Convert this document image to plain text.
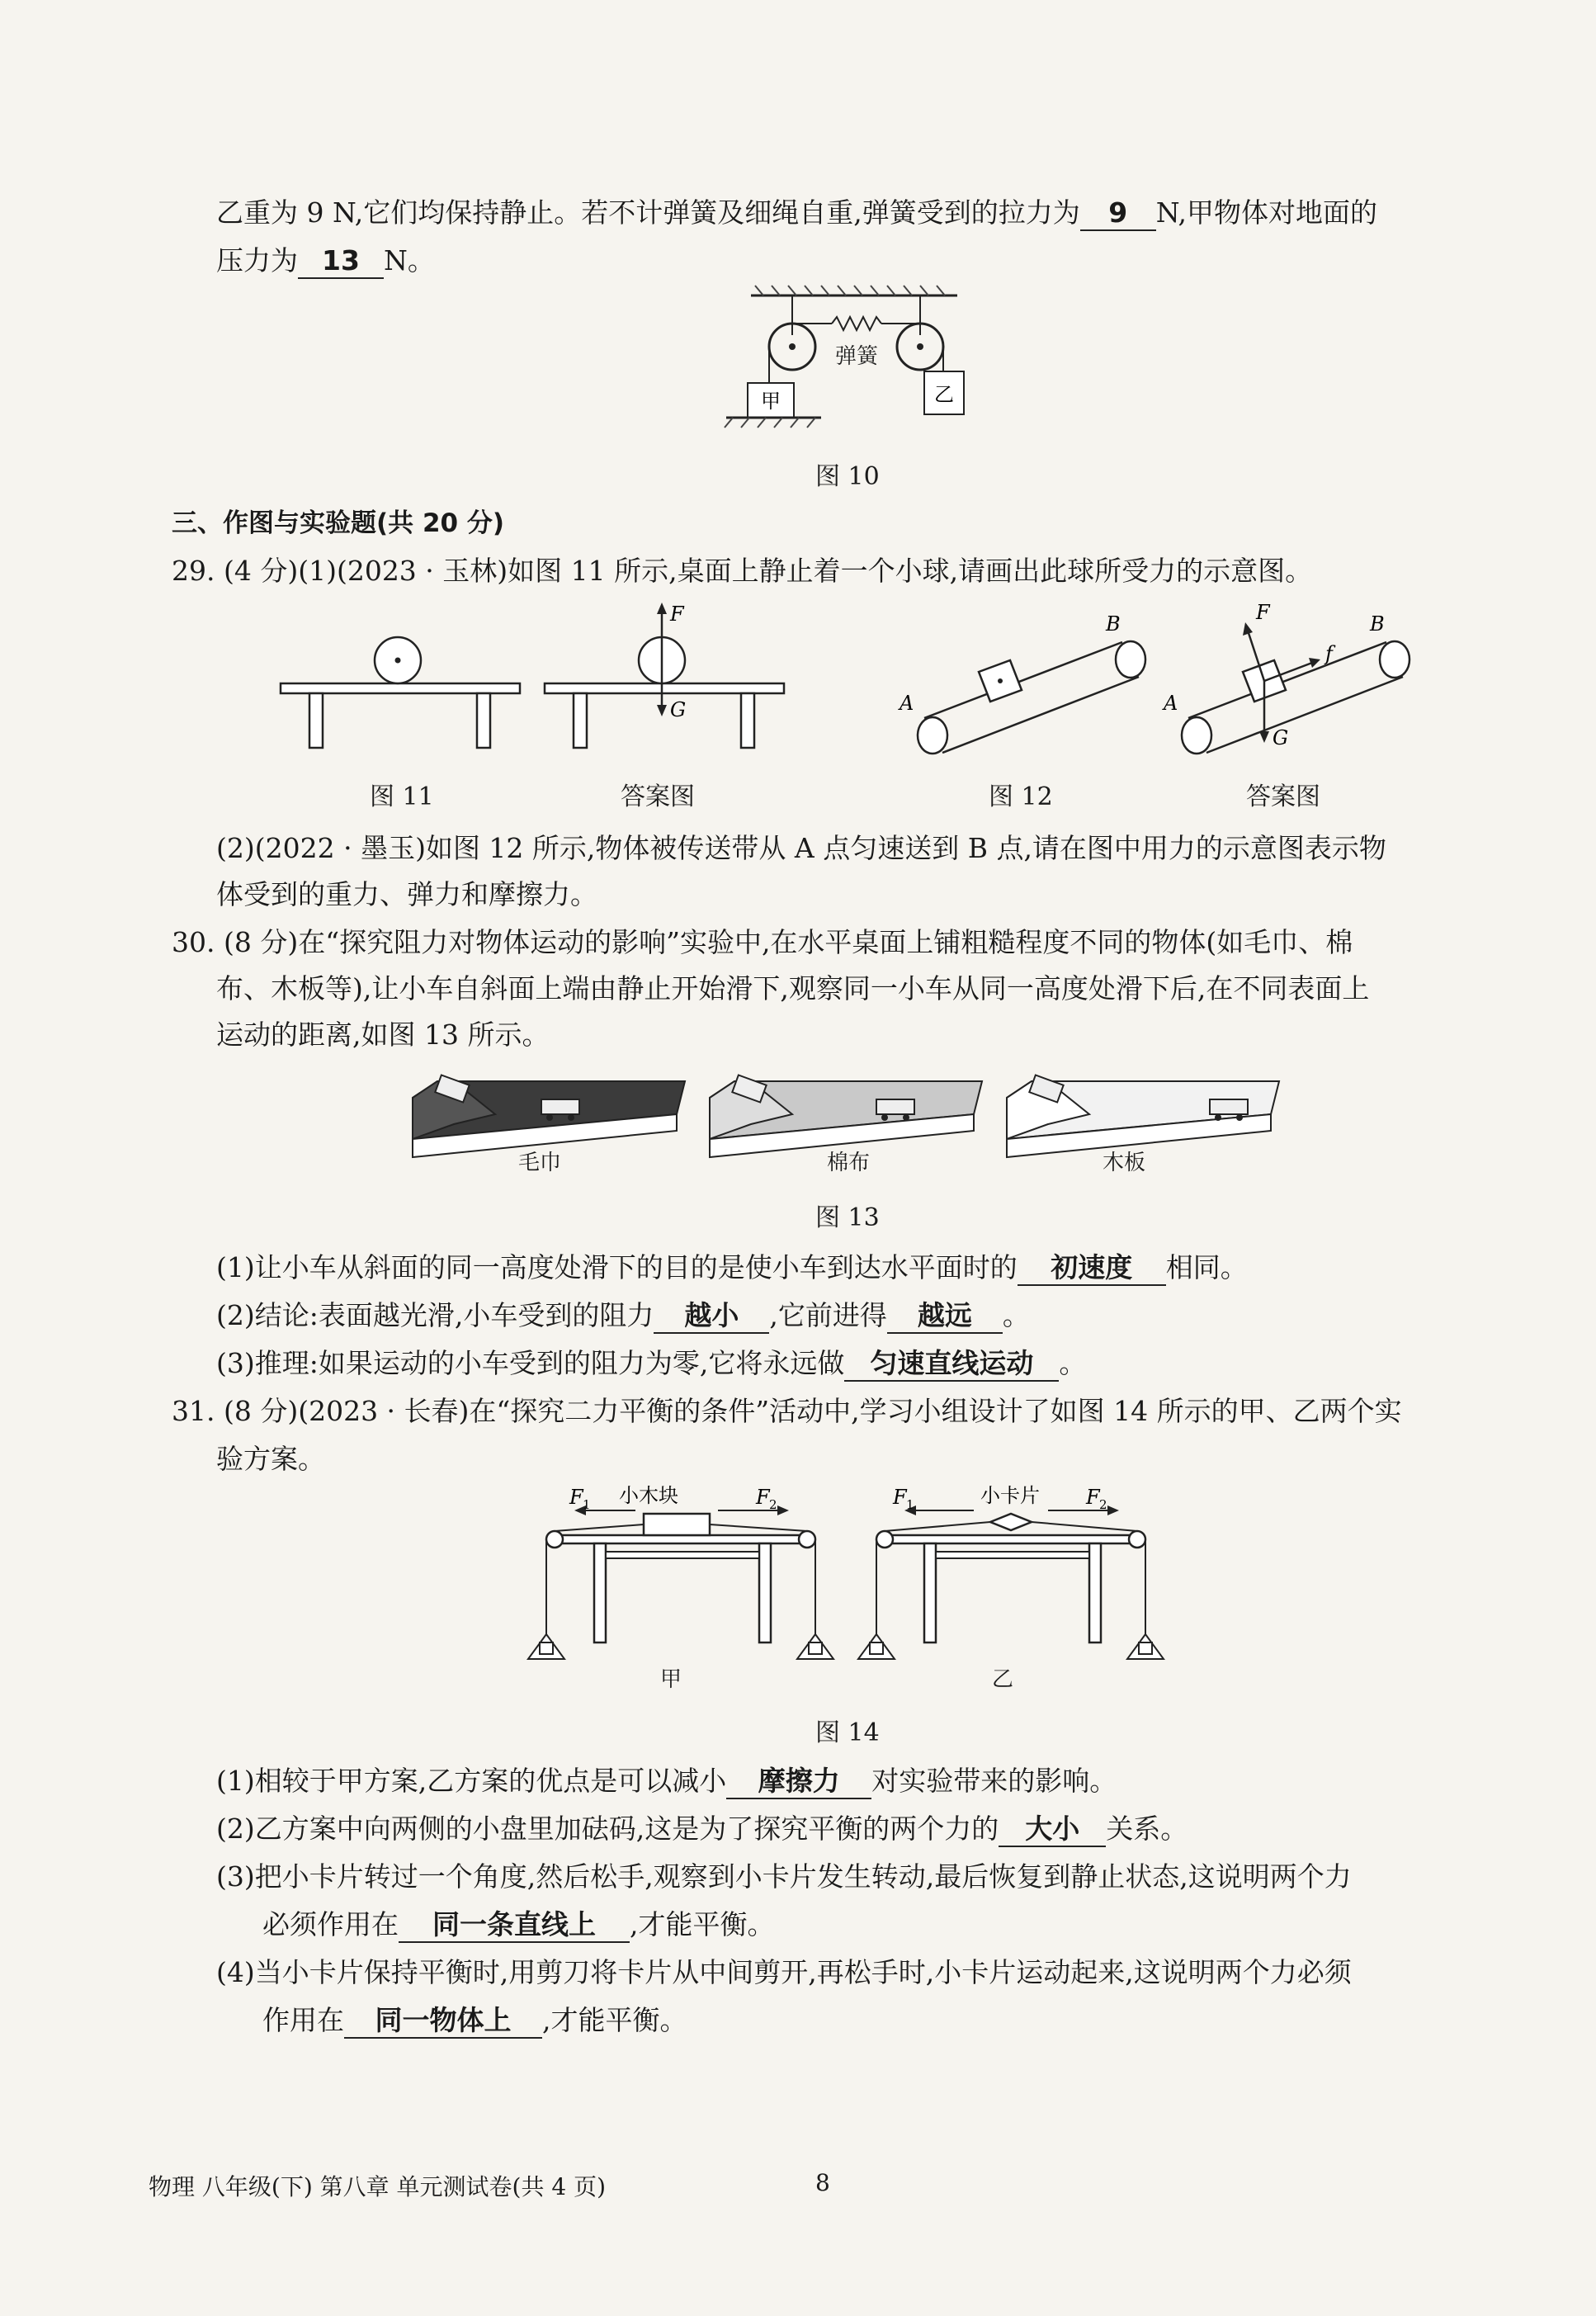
乙重为 9 N,它们均保持静止。若不计弹簧及细绳自重,弹簧受到的拉力为 9 N,甲物体对地面的
压力为 13 N。
弹簧
甲	乙
图 10
三、作图与实验题(共 20 分)
29. (4 分)(1)(2023 · 玉林)如图 11 所示,桌面上静止着一个小球,请画出此球所受力的示意图。
F
G	A
B
A
B
F
f
G
图 11	答案图	图 12	答案图
(2)(2022 · 墨玉)如图 12 所示,物体被传送带从 A 点匀速送到 B 点,请在图中用力的示意图表示物
体受到的重力、弹力和摩擦力。
30. (8 分)在“探究阻力对物体运动的影响”实验中,在水平桌面上铺粗糙程度不同的物体(如毛巾、棉
布、木板等),让小车自斜面上端由静止开始滑下,观察同一小车从同一高度处滑下后,在不同表面上
运动的距离,如图 13 所示。
毛巾	棉布	木板
图 13
(1)让小车从斜面的同一高度处滑下的目的是使小车到达水平面时的 初速度 相同。
(2)结论:表面越光滑,小车受到的阻力 越小 ,它前进得 越远 。
(3)推理:如果运动的小车受到的阻力为零,它将永远做 匀速直线运动 。
31. (8 分)(2023 · 长春)在“探究二力平衡的条件”活动中,学习小组设计了如图 14 所示的甲、乙两个实
验方案。
小木块
F 1	F 2	小卡片
F 1	F 2
甲	乙
图 14
(1)相较于甲方案,乙方案的优点是可以减小 摩擦力 对实验带来的影响。
(2)乙方案中向两侧的小盘里加砝码,这是为了探究平衡的两个力的 大小 关系。
(3)把小卡片转过一个角度,然后松手,观察到小卡片发生转动,最后恢复到静止状态,这说明两个力
必须作用在 同一条直线上 ,才能平衡。
(4)当小卡片保持平衡时,用剪刀将卡片从中间剪开,再松手时,小卡片运动起来,这说明两个力必须
作用在 同一物体上 ,才能平衡。
物理 八年级(下) 第八章 单元测试卷(共 4 页)	8
